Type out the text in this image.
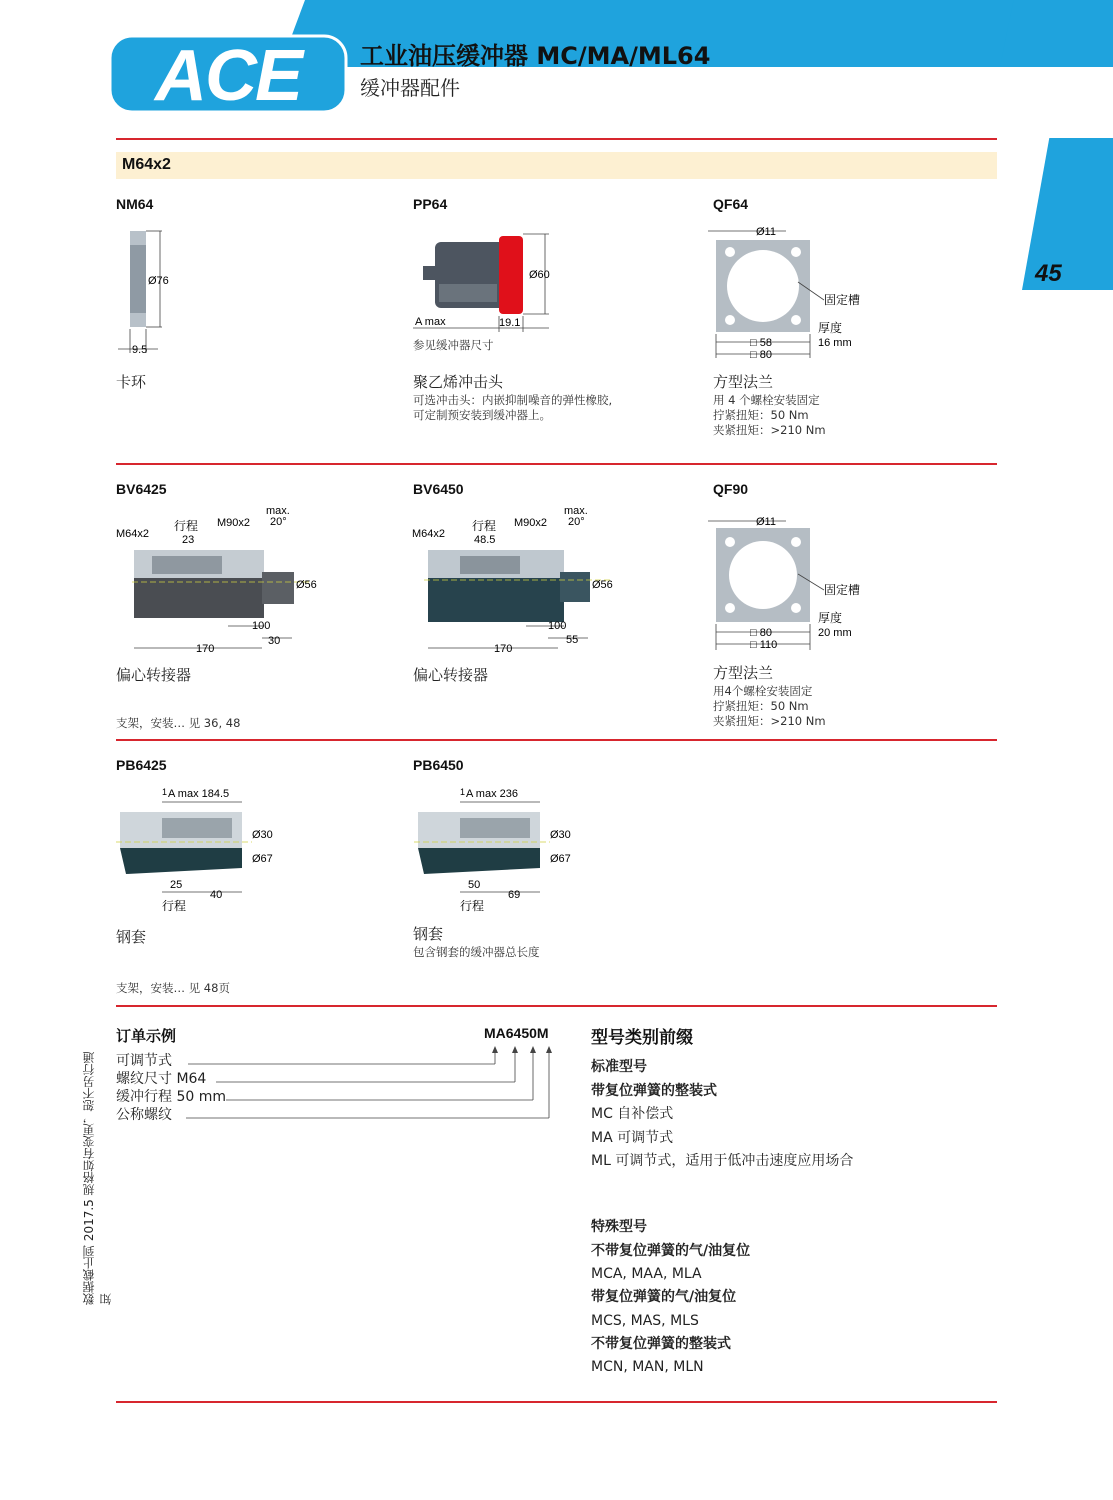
ACE 工业油压缓冲器 MC/MA/ML64
缓冲器配件
45
数据截止到 2017.5 规格如有变更，恕不另行通知
M64x2
NM64
Ø76
9.5
卡环
PP64
Ø60
A max	19.1
参见缓冲器尺寸
聚乙烯冲击头
可选冲击头：内嵌抑制噪音的弹性橡胶,
可定制预安装到缓冲器上。
QF64
Ø11
固定槽
厚度
16 mm
□ 58
□ 80
方型法兰
用 4 个螺栓安装固定
拧紧扭矩：50 Nm
夹紧扭矩：>210 Nm
BV6425
M64x2
行程
23
M90x2
max.
20°
Ø56
100
30
170
偏心转接器
支架，安装… 见 36, 48
BV6450
M64x2
行程
48.5
M90x2
max.
20°
Ø56
100
55
170
偏心转接器
QF90
Ø11
固定槽
厚度
20 mm
□ 80
□ 110
方型法兰
用4个螺栓安装固定
拧紧扭矩：50 Nm
夹紧扭矩：>210 Nm
PB6425
1 A max 184.5
Ø30
Ø67
25
行程
40
钢套
支架，安装… 见 48页
PB6450
1 A max 236
Ø30
Ø67
50
行程
69
钢套
包含钢套的缓冲器总长度
订单示例	MA6450M
可调节式
螺纹尺寸 M64
缓冲行程 50 mm
公称螺纹
型号类别前缀
标准型号
带复位弹簧的整装式
MC 自补偿式
MA 可调节式
ML 可调节式，适用于低冲击速度应用场合
特殊型号
不带复位弹簧的气/油复位
MCA, MAA, MLA
带复位弹簧的气/油复位
MCS, MAS, MLS
不带复位弹簧的整装式
MCN, MAN, MLN
